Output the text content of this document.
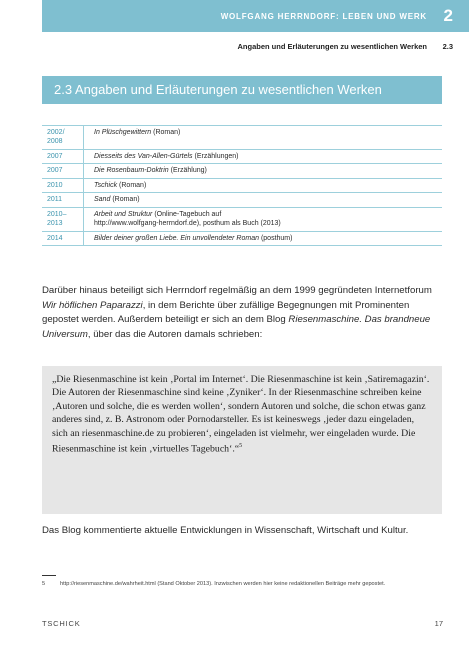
WOLFGANG HERRNDORF: LEBEN UND WERK 2
Angaben und Erläuterungen zu wesentlichen Werken 2.3
2.3 Angaben und Erläuterungen zu wesentlichen Werken
2002/
2008	In Plüschgewittern (Roman)
2007	Diesseits des Van-Allen-Gürtels (Erzählungen)
2007	Die Rosenbaum-Doktrin (Erzählung)
2010	Tschick (Roman)
2011	Sand (Roman)
2010–
2013	Arbeit und Struktur (Online-Tagebuch auf
http://www.wolfgang-herrndorf.de), posthum als Buch (2013)
2014	Bilder deiner großen Liebe. Ein unvollendeter Roman (posthum)

Darüber hinaus beteiligt sich Herrndorf regelmäßig an dem 1999 gegründeten Internetforum Wir höflichen Paparazzi, in dem Berichte über zufällige Begegnungen mit Prominenten gepostet werden. Außerdem beteiligt er sich an dem Blog Riesenmaschine. Das brandneue Universum, über das die Autoren damals schrieben:

„Die Riesenmaschine ist kein ‚Portal im Internet‘. Die Riesenmaschine ist kein ‚Satiremagazin‘. Die Autoren der Riesenmaschine sind keine ‚Zyniker‘. In der Riesenmaschine schreiben keine ‚Autoren und solche, die es werden wollen‘, sondern Autoren und solche, die schon etwas ganz anderes sind, z. B. Astronom oder Pornodarsteller. Es ist keineswegs ‚jeder dazu eingeladen, sich an riesenmaschine.de zu probieren‘, eingeladen ist vielmehr, wer eingeladen wurde. Die Riesenmaschine ist kein ‚virtuelles Tagebuch‘.“$^5$

Das Blog kommentierte aktuelle Entwicklungen in Wissenschaft, Wirtschaft und Kultur.

5	http://riesenmaschine.de/wahrheit.html (Stand Oktober 2013). Inzwischen werden hier keine redaktionellen Beiträge mehr gepostet.
TSCHICK	17
